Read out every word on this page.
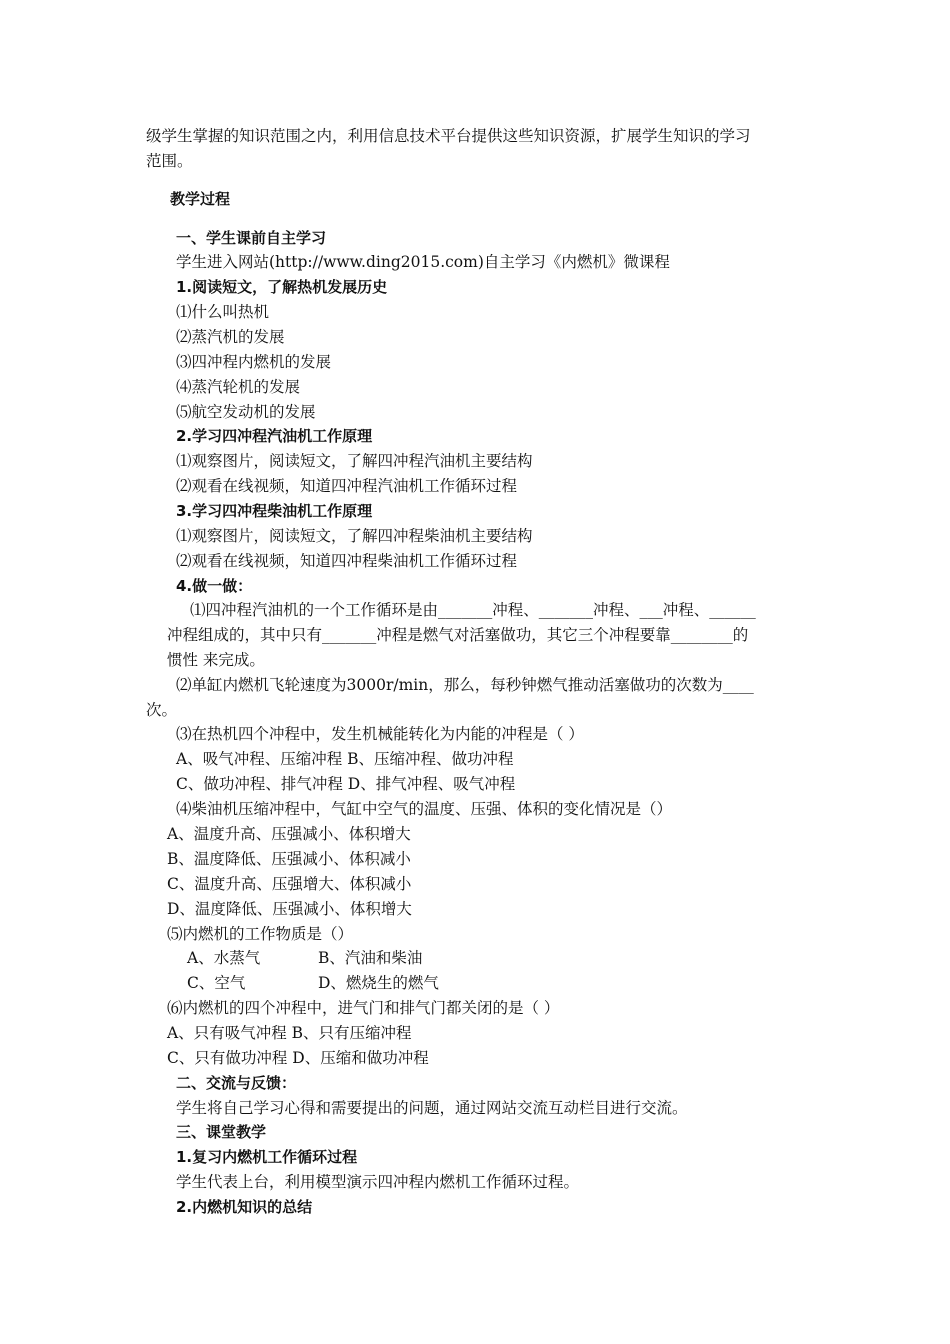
级学生掌握的知识范围之内，利用信息技术平台提供这些知识资源，扩展学生知识的学习
范围。
教学过程
一、学生课前自主学习
学生进入网站(http://www.ding2015.com)自主学习《内燃机》微课程
1.阅读短文，了解热机发展历史
⑴什么叫热机
⑵蒸汽机的发展
⑶四冲程内燃机的发展
⑷蒸汽轮机的发展
⑸航空发动机的发展
2.学习四冲程汽油机工作原理
⑴观察图片，阅读短文，了解四冲程汽油机主要结构
⑵观看在线视频，知道四冲程汽油机工作循环过程
3.学习四冲程柴油机工作原理
⑴观察图片，阅读短文，了解四冲程柴油机主要结构
⑵观看在线视频，知道四冲程柴油机工作循环过程
4.做一做：
⑴四冲程汽油机的一个工作循环是由_______冲程、_______冲程、___冲程、______
冲程组成的，其中只有_______冲程是燃气对活塞做功，其它三个冲程要靠________的
惯性 来完成。
⑵单缸内燃机飞轮速度为3000r/min，那么，每秒钟燃气推动活塞做功的次数为____
次。
⑶在热机四个冲程中，发生机械能转化为内能的冲程是（ ）
A、吸气冲程、压缩冲程 B、压缩冲程、做功冲程
C、做功冲程、排气冲程 D、排气冲程、吸气冲程
⑷柴油机压缩冲程中，气缸中空气的温度、压强、体积的变化情况是（）
A、温度升高、压强减小、体积增大
B、温度降低、压强减小、体积减小
C、温度升高、压强增大、体积减小
D、温度降低、压强减小、体积增大
⑸内燃机的工作物质是（）
A、水蒸气	B、汽油和柴油
C、空气	D、燃烧生的燃气
⑹内燃机的四个冲程中，进气门和排气门都关闭的是（ ）
A、只有吸气冲程 B、只有压缩冲程
C、只有做功冲程 D、压缩和做功冲程
二、交流与反馈：
学生将自己学习心得和需要提出的问题，通过网站交流互动栏目进行交流。
三、课堂教学
1.复习内燃机工作循环过程
学生代表上台，利用模型演示四冲程内燃机工作循环过程。
2.内燃机知识的总结
